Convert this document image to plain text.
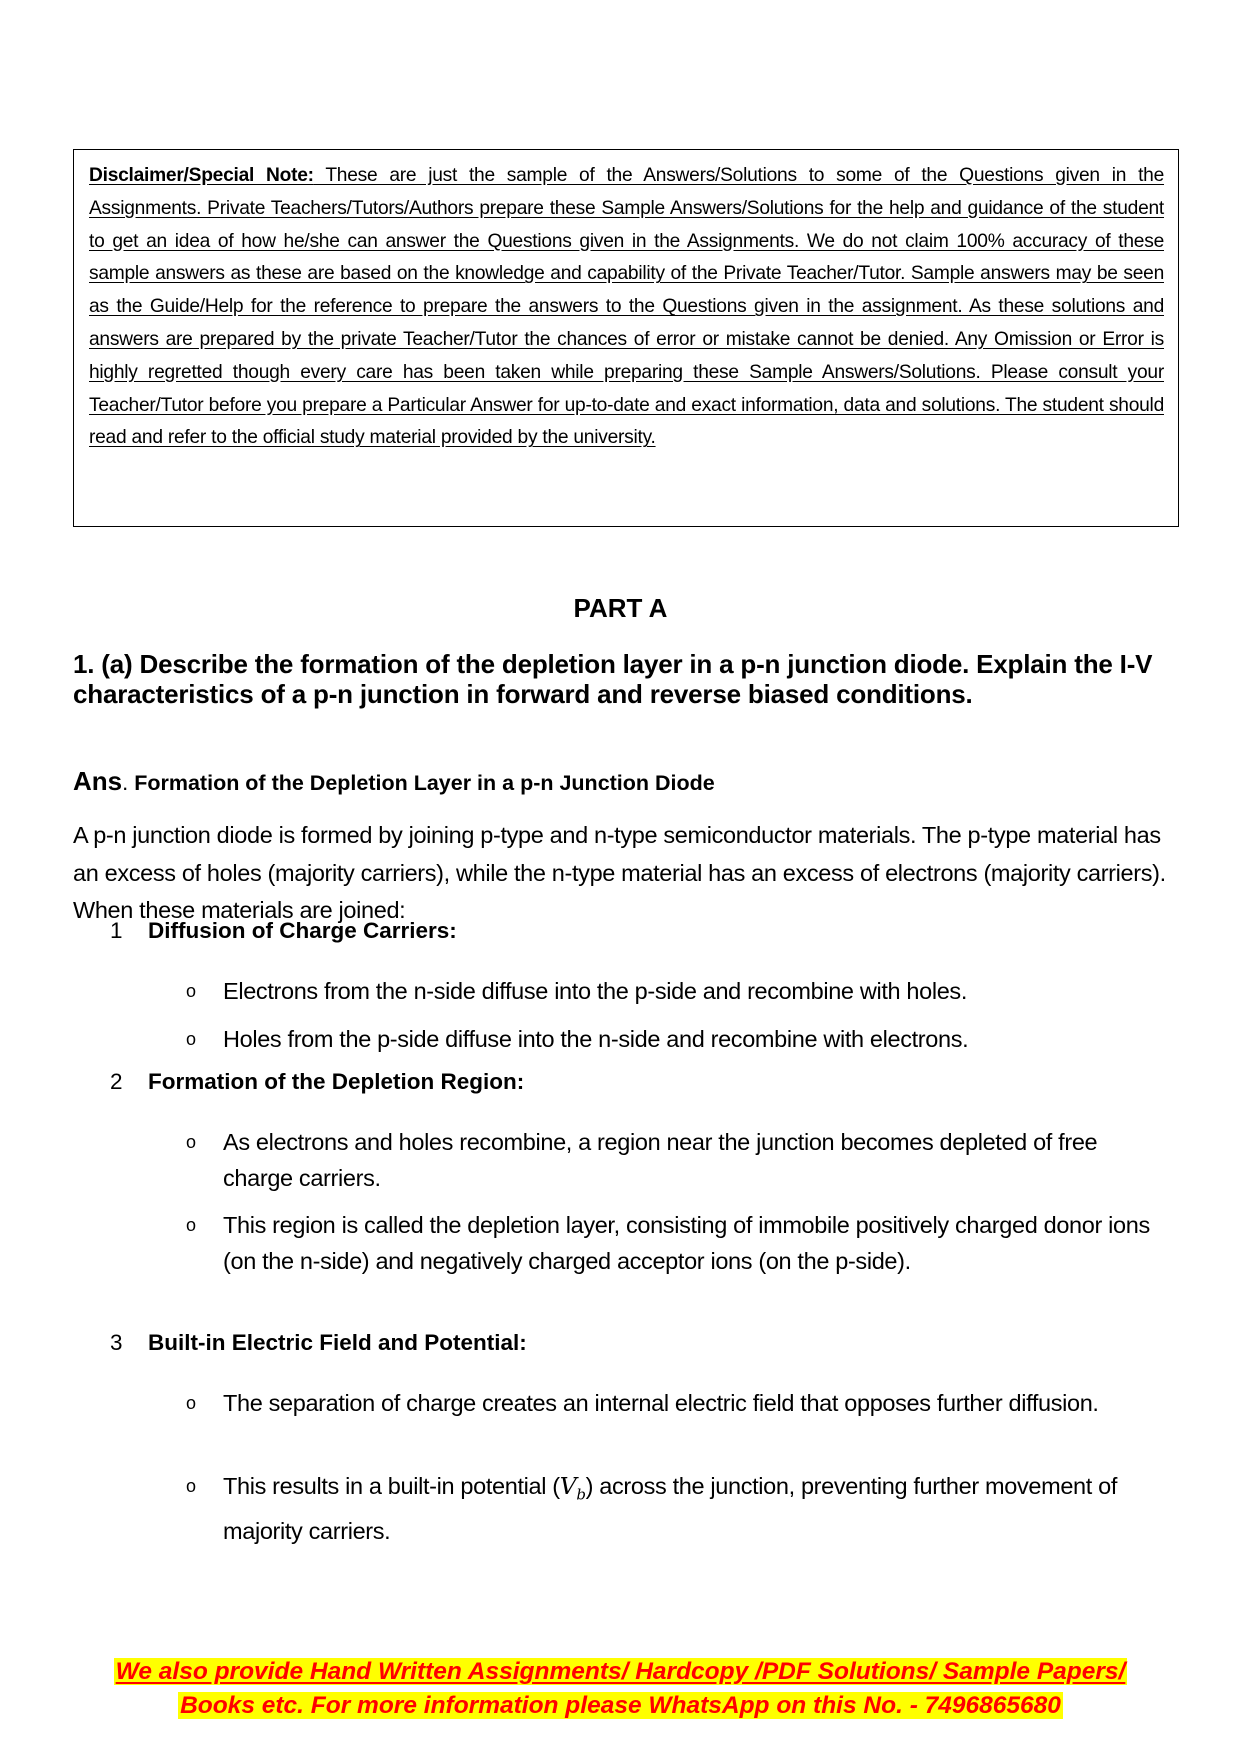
Disclaimer/Special Note: These are just the sample of the Answers/Solutions to some of the Questions given in the Assignments. Private Teachers/Tutors/Authors prepare these Sample Answers/Solutions for the help and guidance of the student to get an idea of how he/she can answer the Questions given in the Assignments. We do not claim 100% accuracy of these sample answers as these are based on the knowledge and capability of the Private Teacher/Tutor. Sample answers may be seen as the Guide/Help for the reference to prepare the answers to the Questions given in the assignment. As these solutions and answers are prepared by the private Teacher/Tutor the chances of error or mistake cannot be denied. Any Omission or Error is highly regretted though every care has been taken while preparing these Sample Answers/Solutions. Please consult your Teacher/Tutor before you prepare a Particular Answer for up-to-date and exact information, data and solutions. The student should read and refer to the official study material provided by the university.
PART A
1. (a) Describe the formation of the depletion layer in a p-n junction diode. Explain the I-V characteristics of a p-n junction in forward and reverse biased conditions.
Ans. Formation of the Depletion Layer in a p-n Junction Diode
A p-n junction diode is formed by joining p-type and n-type semiconductor materials. The p-type material has an excess of holes (majority carriers), while the n-type material has an excess of electrons (majority carriers). When these materials are joined:
1	Diffusion of Charge Carriers:
o Electrons from the n-side diffuse into the p-side and recombine with holes.
o Holes from the p-side diffuse into the n-side and recombine with electrons.
2	Formation of the Depletion Region:
o As electrons and holes recombine, a region near the junction becomes depleted of free charge carriers.
o This region is called the depletion layer, consisting of immobile positively charged donor ions (on the n-side) and negatively charged acceptor ions (on the p-side).
3	Built-in Electric Field and Potential:
o The separation of charge creates an internal electric field that opposes further diffusion.
o This results in a built-in potential $(V_b)$ across the junction, preventing further movement of majority carriers.
We also provide Hand Written Assignments/ Hardcopy /PDF Solutions/ Sample Papers/
Books etc. For more information please WhatsApp on this No. - 7496865680
